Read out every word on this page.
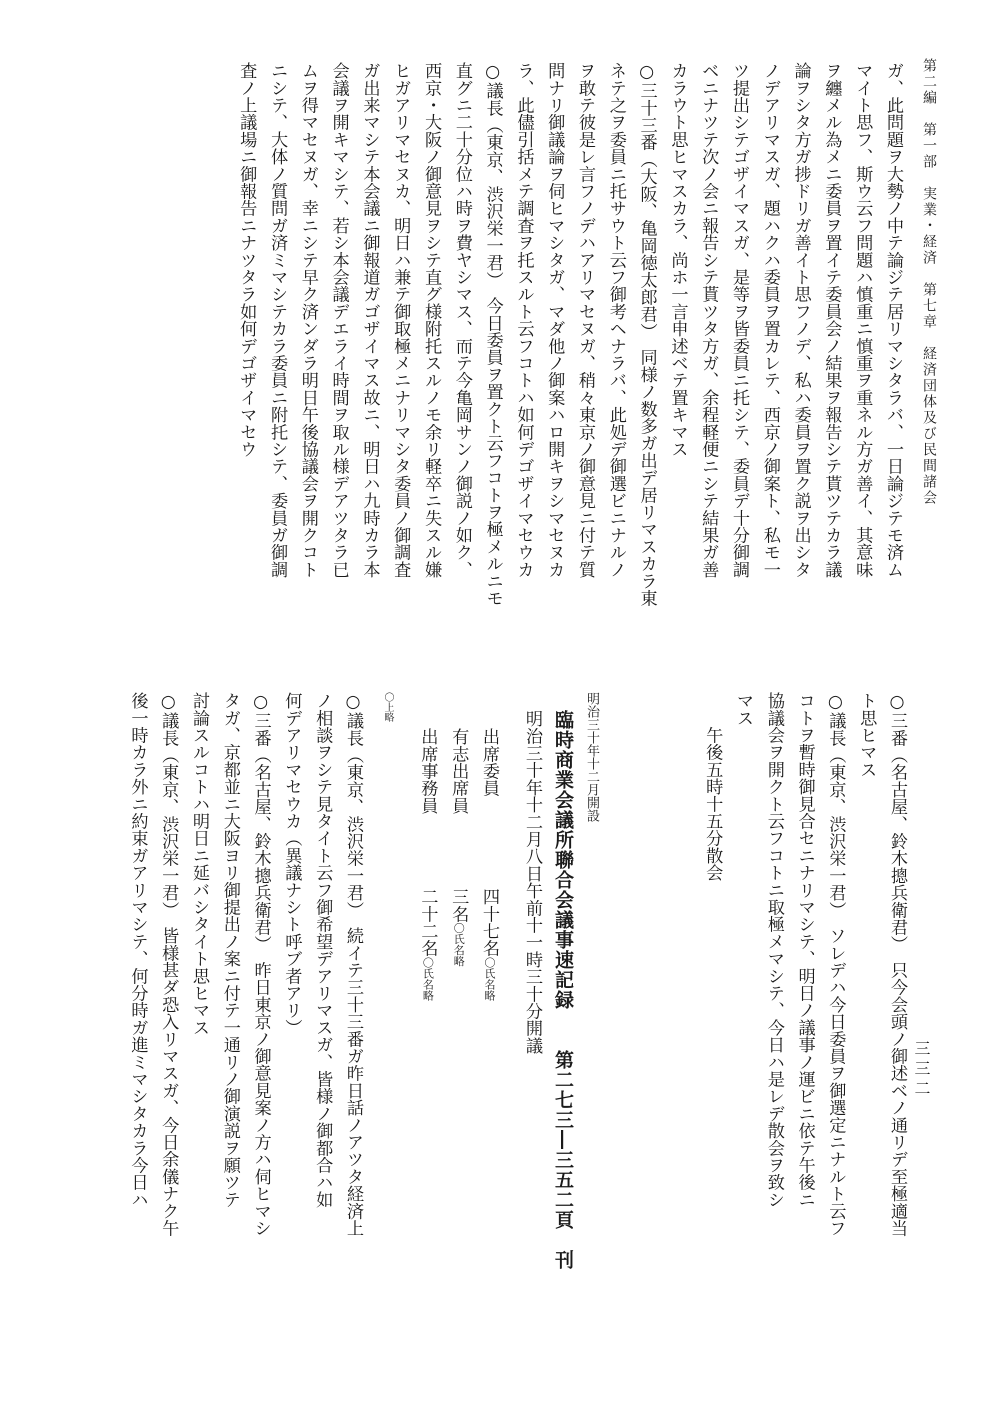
第二編　第一部　実業・経済　第七章　経済団体及び民間諸会
三三二

ガ、此問題ヲ大勢ノ中テ論ジテ居リマシタラバ、一日論ジテモ済ム

マイト思フ、斯ウ云フ問題ハ慎重ニ慎重ヲ重ネル方ガ善イ、其意味

ヲ纏メル為メニ委員ヲ置イテ委員会ノ結果ヲ報告シテ貰ツテカラ議

論ヲシタ方ガ捗ドリガ善イト思フノデ、私ハ委員ヲ置ク説ヲ出シタ

ノデアリマスガ、題ハクハ委員ヲ置カレテ、西京ノ御案ト、私モ一

ツ提出シテゴザイマスガ、是等ヲ皆委員ニ托シテ、委員デ十分御調

ベニナツテ次ノ会ニ報告シテ貰ツタ方ガ、余程軽便ニシテ結果ガ善

カラウト思ヒマスカラ、尚ホ一言申述ベテ置キマス

○三十三番（大阪、亀岡徳太郎君）　同様ノ数多ガ出デ居リマスカラ東

ネテ之ヲ委員ニ托サウト云フ御考ヘナラバ、此処デ御選ビニナルノ

ヲ敢テ彼是レ言フノデハアリマセヌガ、稍々東京ノ御意見ニ付テ質

問ナリ御議論ヲ伺ヒマシタガ、マダ他ノ御案ハロ開キヲシマセヌカ

ラ、此儘引括メテ調査ヲ托スルト云フコトハ如何デゴザイマセウカ

○議長（東京、渋沢栄一君）　今日委員ヲ置クト云フコトヲ極メルニモ

直グニ二十分位ハ時ヲ費ヤシマス、而テ今亀岡サンノ御説ノ如ク、

西京・大阪ノ御意見ヲシテ直グ様附托スルノモ余リ軽卒ニ失スル嫌

ヒガアリマセヌカ、明日ハ兼テ御取極メニナリマシタ委員ノ御調査

ガ出来マシテ本会議ニ御報道ガゴザイマス故ニ、明日ハ九時カラ本

会議ヲ開キマシテ、若シ本会議デエライ時間ヲ取ル様デアツタラ已

ムヲ得マセヌガ、幸ニシテ早ク済ンダラ明日午後協議会ヲ開クコト

ニシテ、大体ノ質問ガ済ミマシテカラ委員ニ附托シテ、委員ガ御調

査ノ上議場ニ御報告ニナツタラ如何デゴザイマセウ

○三番（名古屋、鈴木摠兵衛君）　只今会頭ノ御述ベノ通リデ至極適当

ト思ヒマス

○議長（東京、渋沢栄一君）　ソレデハ今日委員ヲ御選定ニナルト云フ

コトヲ暫時御見合セニナリマシテ、明日ノ議事ノ運ビニ依テ午後ニ

協議会ヲ開クト云フコトニ取極メマシテ、今日ハ是レデ散会ヲ致シ

マス

　　午後五時十五分散会

明治三十年十二月開設
臨時商業会議所聯合会議事速記録　　第二七三―三五二頁　刊
明治三十年十二月八日午前十一時三十分開議
出席委員
四十七名〇氏名略
有志出席員
三名〇氏名略
出席事務員
二十二名〇氏名略
〇上略

○議長（東京、渋沢栄一君）　続イテ三十三番ガ昨日話ノアツタ経済上

ノ相談ヲシテ見タイト云フ御希望デアリマスガ、皆様ノ御都合ハ如

何デアリマセウカ（異議ナシト呼ブ者アリ）

○三番（名古屋、鈴木摠兵衛君）　昨日東京ノ御意見案ノ方ハ伺ヒマシ

タガ、京都並ニ大阪ヨリ御提出ノ案ニ付テ一通リノ御演説ヲ願ツテ

討論スルコトハ明日ニ延バシタイト思ヒマス

○議長（東京、渋沢栄一君）　皆様甚ダ恐入リマスガ、今日余儀ナク午

後一時カラ外ニ約束ガアリマシテ、何分時ガ進ミマシタカラ今日ハ
